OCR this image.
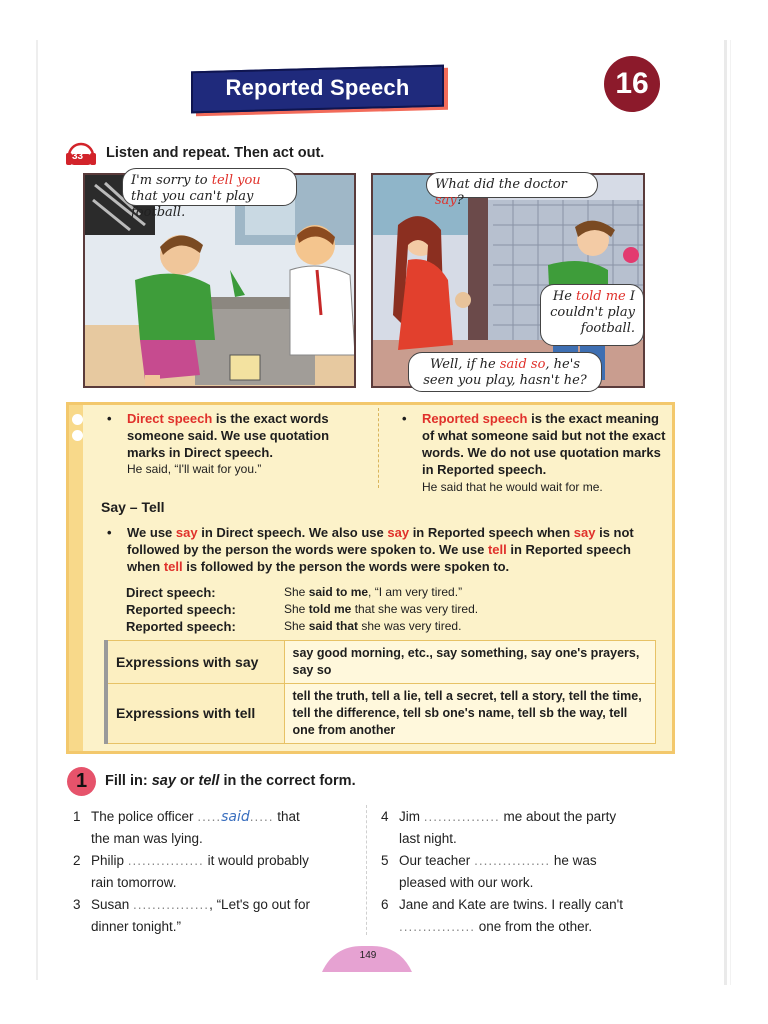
Reported Speech	16
33 Listen and repeat. Then act out.
I'm sorry to tell you that you can't play football.
What did the doctor say?
He told me I couldn't play football.
Well, if he said so, he's seen you play, hasn't he?
•	Direct speech is the exact words someone said. We use quotation marks in Direct speech.
He said, “I'll wait for you.”
•	Reported speech is the exact meaning of what someone said but not the exact words. We do not use quotation marks in Reported speech.
He said that he would wait for me.
Say – Tell
•	We use say in Direct speech. We also use say in Reported speech when say is not followed by the person the words were spoken to. We use tell in Reported speech when tell is followed by the person the words were spoken to.
Direct speech:	She said to me, “I am very tired.”
Reported speech:	She told me that she was very tired.
Reported speech:	She said that she was very tired.
Expressions with say	say good morning, etc., say something, say one's prayers, say so
Expressions with tell	tell the truth, tell a lie, tell a secret, tell a story, tell the time, tell the difference, tell sb one's name, tell sb the way, tell one from another
1	Fill in: say or tell in the correct form.
1 The police officer .....said..... that
the man was lying.
2 Philip ................ it would probably
rain tomorrow.
3 Susan ................, “Let's go out for
dinner tonight.”
4 Jim ................ me about the party
last night.
5 Our teacher ................ he was
pleased with our work.
6 Jane and Kate are twins. I really can't
................ one from the other.
149
